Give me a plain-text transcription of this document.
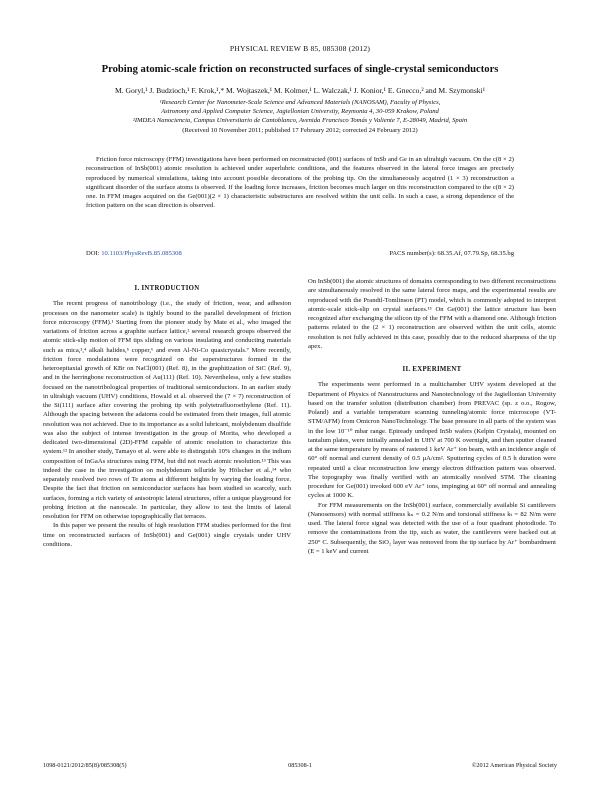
PHYSICAL REVIEW B 85, 085308 (2012)
Probing atomic-scale friction on reconstructed surfaces of single-crystal semiconductors
M. Goryl,¹ J. Budzioch,¹ F. Krok,¹,* M. Wojtaszek,¹ M. Kolmer,¹ L. Walczak,¹ J. Konior,¹ E. Gnecco,² and M. Szymonski¹
¹Research Center for Nanometer-Scale Science and Advanced Materials (NANOSAM), Faculty of Physics,
Astronomy and Applied Computer Science, Jagiellonian University, Reymonta 4, 30-059 Krakow, Poland
²IMDEA Nanociencia, Campus Universitario de Cantoblanco, Avenida Francisco Tomás y Valiente 7, E-28049, Madrid, Spain
(Received 10 November 2011; published 17 February 2012; corrected 24 February 2012)
Friction force microscopy (FFM) investigations have been performed on reconstructed (001) surfaces of InSb and Ge in an ultrahigh vacuum. On the c(8 × 2) reconstruction of InSb(001) atomic resolution is achieved under superlubric conditions, and the features observed in the lateral force images are precisely reproduced by numerical simulations, taking into account possible decorations of the probing tip. On the simultaneously acquired (1 × 3) reconstruction a significant disorder of the surface atoms is observed. If the loading force increases, friction becomes much larger on this reconstruction compared to the c(8 × 2) one. In FFM images acquired on the Ge(001)(2 × 1) characteristic substructures are resolved within the unit cells. In such a case, a strong dependence of the friction pattern on the scan direction is observed.
DOI: 10.1103/PhysRevB.85.085308	PACS number(s): 68.35.Af, 07.79.Sp, 68.35.bg
I. INTRODUCTION

The recent progress of nanotribology (i.e., the study of friction, wear, and adhesion processes on the nanometer scale) is tightly bound to the parallel development of friction force microscopy (FFM).¹ Starting from the pioneer study by Mate et al., who imaged the variations of friction across a graphite surface lattice,² several research groups observed the atomic stick-slip motion of FFM tips sliding on various insulating and conducting materials such as mica,³,⁴ alkali halides,⁵ copper,⁶ and even Al-Ni-Co quasicrystals.⁷ More recently, friction force modulations were recognized on the superstructures formed in the heteroepitaxial growth of KBr on NaCl(001) (Ref. 8), in the graphitization of SiC (Ref. 9), and in the herringbone reconstruction of Au(111) (Ref. 10). Nevertheless, only a few studies focused on the nanotribological properties of traditional semiconductors. In an earlier study in ultrahigh vacuum (UHV) conditions, Howald et al. observed the (7 × 7) reconstruction of the Si(111) surface after covering the probing tip with polytetrafluoroethylene (Ref. 11). Although the spacing between the adatoms could be estimated from their images, full atomic resolution was not achieved. Due to its importance as a solid lubricant, molybdenum disulfide was also the subject of intense investigation in the group of Morita, who developed a dedicated two-dimensional (2D)-FFM capable of atomic resolution to characterize this system.¹² In another study, Tamayo et al. were able to distinguish 10% changes in the indium composition of InGaAs structures using FFM, but did not reach atomic resolution.¹³ This was indeed the case in the investigation on molybdenum telluride by Hölscher et al.,¹⁴ who separately resolved two rows of Te atoms at different heights by varying the loading force. Despite the fact that friction on semiconductor surfaces has been studied so scarcely, such surfaces, forming a rich variety of anisotropic lateral structures, offer a unique playground for probing friction at the nanoscale. In particular, they allow to test the limits of lateral resolution for FFM on otherwise topographically flat terraces.

In this paper we present the results of high resolution FFM studies performed for the first time on reconstructed surfaces of InSb(001) and Ge(001) single crystals under UHV conditions.

On InSb(001) the atomic structures of domains corresponding to two different reconstructions are simultaneously resolved in the same lateral force maps, and the experimental results are reproduced with the Prandtl-Tomlinson (PT) model, which is commonly adopted to interpret atomic-scale stick-slip on crystal surfaces.¹⁵ On Ge(001) the lattice structure has been recognized after exchanging the silicon tip of the FFM with a diamond one. Although friction patterns related to the (2 × 1) reconstruction are observed within the unit cells, atomic resolution is not fully achieved in this case, possibly due to the reduced sharpness of the tip apex.

II. EXPERIMENT

The experiments were performed in a multichamber UHV system developed at the Department of Physics of Nanostructures and Nanotechnology of the Jagiellonian University based on the transfer solution (distribution chamber) from PREVAC (sp. z o.o., Rogow, Poland) and a variable temperature scanning tunneling/atomic force microscope (VT-STM/AFM) from Omicron NanoTechnology. The base pressure in all parts of the system was in the low 10⁻¹⁰ mbar range. Epiready undoped InSb wafers (Kelpin Crystals), mounted on tantalum plates, were initially annealed in UHV at 700 K overnight, and then sputter cleaned at the same temperature by means of rastered 1 keV Ar⁺ ion beam, with an incidence angle of 60° off normal and current density of 0.5 μA/cm². Sputtering cycles of 0.5 h duration were repeated until a clear reconstruction low energy electron diffraction pattern was observed. The topography was finally verified with an atomically resolved STM. The cleaning procedure for Ge(001) invoked 600 eV Ar⁺ ions, impinging at 60° off normal and annealing cycles at 1000 K.

For FFM measurements on the InSb(001) surface, commercially available Si cantilevers (Nanosensors) with normal stiffness kₙ = 0.2 N/m and torsional stiffness kₜ = 82 N/m were used. The lateral force signal was detected with the use of a four quadrant photodiode. To remove the contaminations from the tip, such as water, the cantilevers were backed out at 250° C. Subsequently, the SiO₂ layer was removed from the tip surface by Ar⁺ bombardment (E = 1 keV and current

1098-0121/2012/85(8)/085308(5)	085308-1	©2012 American Physical Society
